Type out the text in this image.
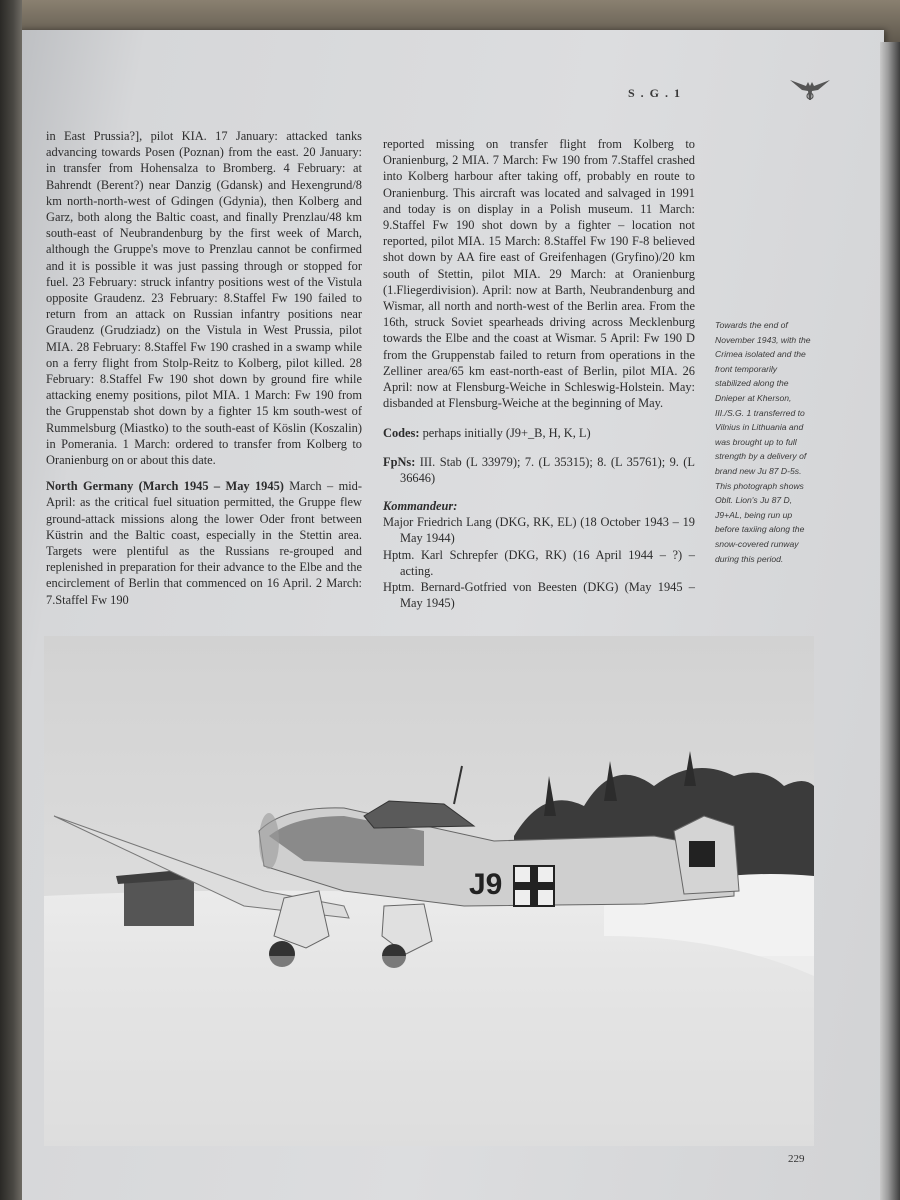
S.G.1

in East Prussia?], pilot KIA. 17 January: attacked tanks advancing towards Posen (Poznan) from the east. 20 January: in transfer from Hohensalza to Bromberg. 4 February: at Bahrendt (Berent?) near Danzig (Gdansk) and Hexengrund/8 km north-north-west of Gdingen (Gdynia), then Kolberg and Garz, both along the Baltic coast, and finally Prenzlau/48 km south-east of Neubrandenburg by the first week of March, although the Gruppe's move to Prenzlau cannot be confirmed and it is possible it was just passing through or stopped for fuel. 23 February: struck infantry positions west of the Vistula opposite Graudenz. 23 February: 8.Staffel Fw 190 failed to return from an attack on Russian infantry positions near Graudenz (Grudziadz) on the Vistula in West Prussia, pilot MIA. 28 February: 8.Staffel Fw 190 crashed in a swamp while on a ferry flight from Stolp-Reitz to Kolberg, pilot killed. 28 February: 8.Staffel Fw 190 shot down by ground fire while attacking enemy positions, pilot MIA. 1 March: Fw 190 from the Gruppenstab shot down by a fighter 15 km south-west of Rummelsburg (Miastko) to the south-east of Köslin (Koszalin) in Pomerania. 1 March: ordered to transfer from Kolberg to Oranienburg on or about this date.

North Germany (March 1945 – May 1945) March – mid-April: as the critical fuel situation permitted, the Gruppe flew ground-attack missions along the lower Oder front between Küstrin and the Baltic coast, especially in the Stettin area. Targets were plentiful as the Russians re-grouped and replenished in preparation for their advance to the Elbe and the encirclement of Berlin that commenced on 16 April. 2 March: 7.Staffel Fw 190

reported missing on transfer flight from Kolberg to Oranienburg, 2 MIA. 7 March: Fw 190 from 7.Staffel crashed into Kolberg harbour after taking off, probably en route to Oranienburg. This aircraft was located and salvaged in 1991 and today is on display in a Polish museum. 11 March: 9.Staffel Fw 190 shot down by a fighter – location not reported, pilot MIA. 15 March: 8.Staffel Fw 190 F-8 believed shot down by AA fire east of Greifenhagen (Gryfino)/20 km south of Stettin, pilot MIA. 29 March: at Oranienburg (1.Fliegerdivision). April: now at Barth, Neubrandenburg and Wismar, all north and north-west of the Berlin area. From the 16th, struck Soviet spearheads driving across Mecklenburg towards the Elbe and the coast at Wismar. 5 April: Fw 190 D from the Gruppenstab failed to return from operations in the Zelliner area/65 km east-north-east of Berlin, pilot MIA. 26 April: now at Flensburg-Weiche in Schleswig-Holstein. May: disbanded at Flensburg-Weiche at the beginning of May.

Codes: perhaps initially (J9+_B, H, K, L)

FpNs: III. Stab (L 33979); 7. (L 35315); 8. (L 35761); 9. (L 36646)

Kommandeur:

Major Friedrich Lang (DKG, RK, EL) (18 October 1943 – 19 May 1944)

Hptm. Karl Schrepfer (DKG, RK) (16 April 1944 – ?) – acting.

Hptm. Bernard-Gotfried von Beesten (DKG) (May 1945 – May 1945)

Towards the end of November 1943, with the Crimea isolated and the front temporarily stabilized along the Dnieper at Kherson, III./S.G. 1 transferred to Vilnius in Lithuania and was brought up to full strength by a delivery of brand new Ju 87 D-5s. This photograph shows Oblt. Lion's Ju 87 D, J9+AL, being run up before taxiing along the snow-covered runway during this period.
J9
229
